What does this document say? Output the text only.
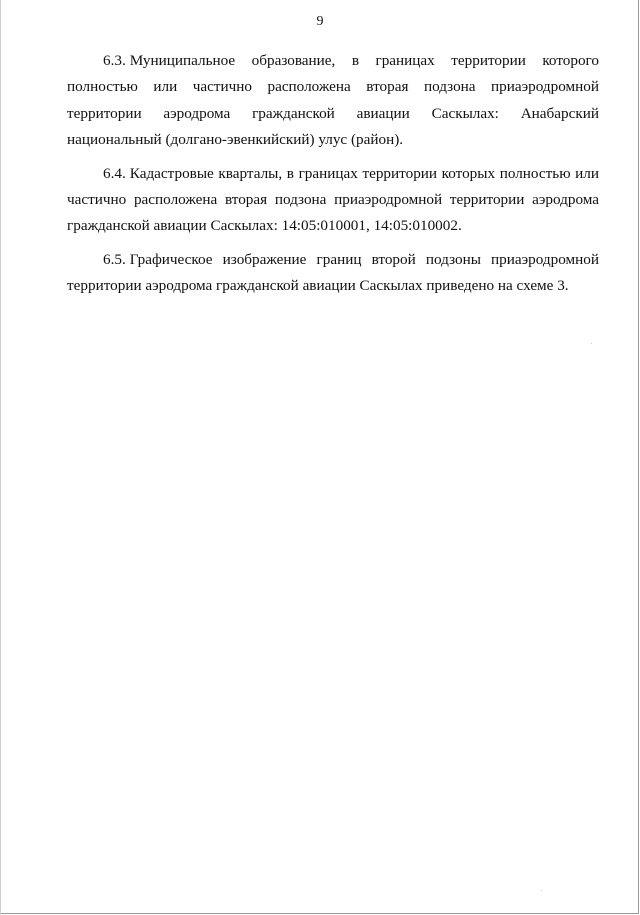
9

6.3. Муниципальное образование, в границах территории которого полностью или частично расположена вторая подзона приаэродромной территории аэродрома гражданской авиации Саскылах: Анабарский национальный (долгано-эвенкийский) улус (район).

6.4. Кадастровые кварталы, в границах территории которых полностью или частично расположена вторая подзона приаэродромной территории аэродрома гражданской авиации Саскылах: 14:05:010001, 14:05:010002.

6.5. Графическое изображение границ второй подзоны приаэродромной территории аэродрома гражданской авиации Саскылах приведено на схеме 3.
